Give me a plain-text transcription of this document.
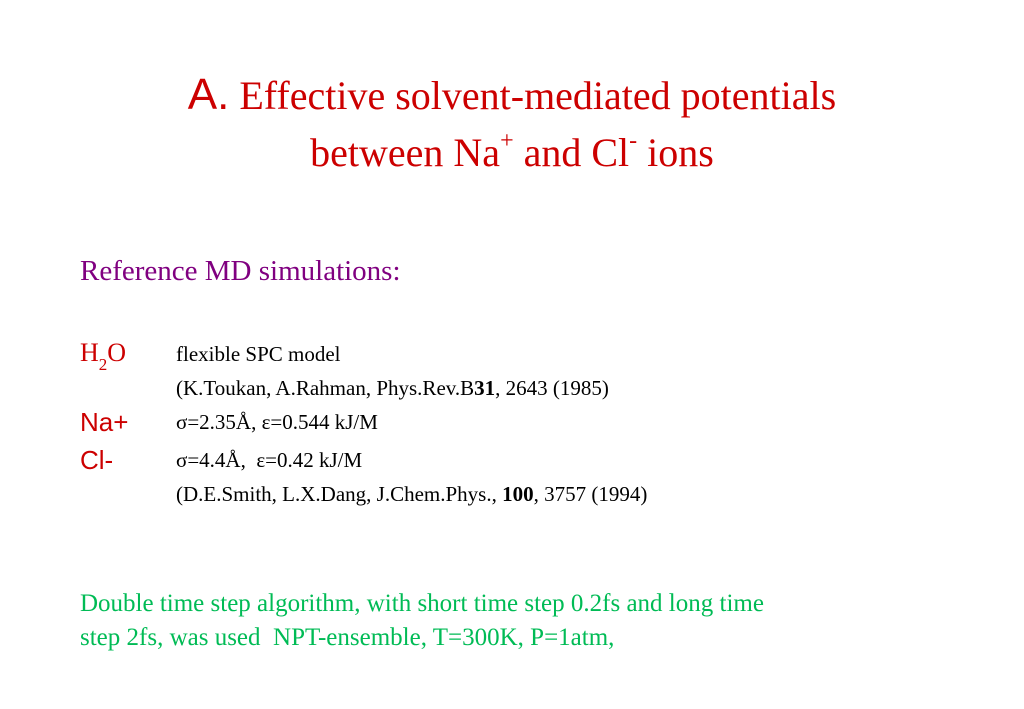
A. Effective solvent-mediated potentials
between Na+ and Cl- ions
Reference MD simulations:
$H_2O$ flexible SPC model
(K.Toukan, A.Rahman, Phys.Rev.B31, 2643 (1985)
Na+ σ=2.35Å, ε=0.544 kJ/M
Cl-	σ=4.4Å,  ε=0.42 kJ/M
(D.E.Smith, L.X.Dang, J.Chem.Phys., 100, 3757 (1994)
Double time step algorithm, with short time step 0.2fs and long time
step 2fs, was used  NPT-ensemble, T=300K, P=1atm,
